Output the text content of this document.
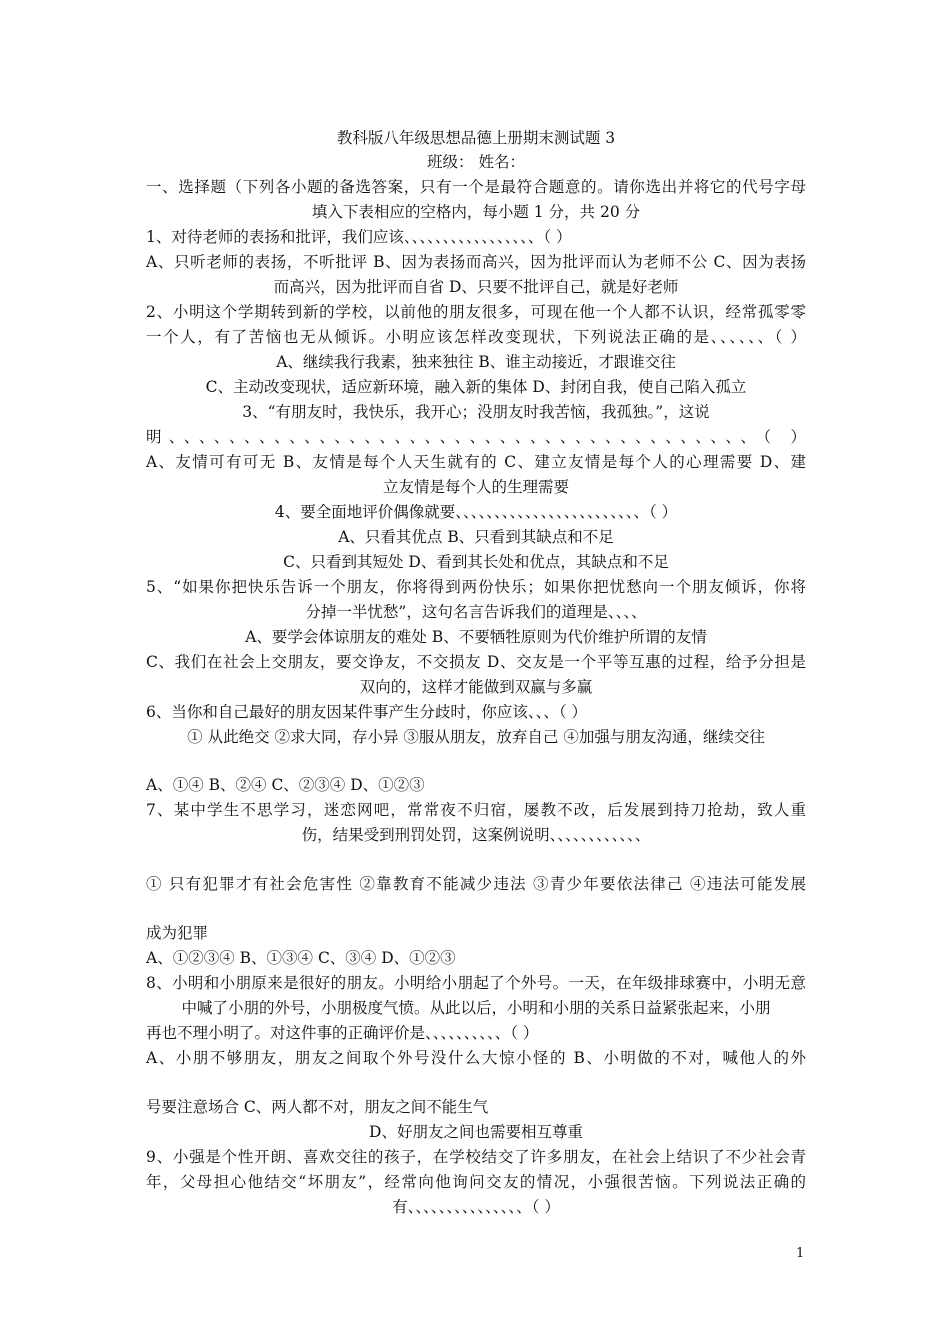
教科版八年级思想品德上册期末测试题 3
班级： 姓名：
一、选择题（下列各小题的备选答案，只有一个是最符合题意的。请你选出并将它的代号字母
填入下表相应的空格内，每小题 1 分，共 20 分
1、对待老师的表扬和批评，我们应该、、、、、、、、、、、、、、、、、（ ）
A、只听老师的表扬，不听批评 B、因为表扬而高兴，因为批评而认为老师不公 C、因为表扬
而高兴，因为批评而自省 D、只要不批评自己，就是好老师
2、小明这个学期转到新的学校，以前他的朋友很多，可现在他一个人都不认识，经常孤零零
一个人，有了苦恼也无从倾诉。小明应该怎样改变现状，下列说法正确的是、、、、、、（ ）
A、继续我行我素，独来独往 B、谁主动接近，才跟谁交往
C、主动改变现状，适应新环境，融入新的集体 D、封闭自我，使自己陷入孤立
3、“有朋友时，我快乐，我开心；没朋友时我苦恼，我孤独。”，这说
明、、、、、、、、、、、、、、、、、、、、、、、、、、、、、、、、、、、、、、、（ ）
A、友情可有可无 B、友情是每个人天生就有的 C、建立友情是每个人的心理需要 D、建
立友情是每个人的生理需要
4、要全面地评价偶像就要、、、、、、、、、、、、、、、、、、、、、、、、（ ）
A、只看其优点 B、只看到其缺点和不足
C、只看到其短处 D、看到其长处和优点，其缺点和不足
5、“如果你把快乐告诉一个朋友，你将得到两份快乐；如果你把忧愁向一个朋友倾诉，你将
分掉一半忧愁”，这句名言告诉我们的道理是、、、、
A、要学会体谅朋友的难处 B、不要牺牲原则为代价维护所谓的友情
C、我们在社会上交朋友，要交诤友，不交损友 D、交友是一个平等互惠的过程，给予分担是
双向的，这样才能做到双赢与多赢
6、当你和自己最好的朋友因某件事产生分歧时，你应该、、、（ ）
① 从此绝交 ②求大同，存小异 ③服从朋友，放弃自己 ④加强与朋友沟通，继续交往
A、①④ B、②④ C、②③④ D、①②③
7、某中学生不思学习，迷恋网吧，常常夜不归宿，屡教不改，后发展到持刀抢劫，致人重
伤，结果受到刑罚处罚，这案例说明、、、、、、、、、、、、
① 只有犯罪才有社会危害性 ②靠教育不能减少违法 ③青少年要依法律己 ④违法可能发展
成为犯罪
A、①②③④ B、①③④ C、③④ D、①②③
8、小明和小朋原来是很好的朋友。小明给小朋起了个外号。一天，在年级排球赛中，小明无意
中喊了小朋的外号，小朋极度气愤。从此以后，小明和小朋的关系日益紧张起来，小朋
再也不理小明了。对这件事的正确评价是、、、、、、、、、、（ ）
A、小朋不够朋友，朋友之间取个外号没什么大惊小怪的 B、小明做的不对，喊他人的外
号要注意场合 C、两人都不对，朋友之间不能生气
D、好朋友之间也需要相互尊重
9、小强是个性开朗、喜欢交往的孩子，在学校结交了许多朋友，在社会上结识了不少社会青
年，父母担心他结交“坏朋友”，经常向他询问交友的情况，小强很苦恼。下列说法正确的
有、、、、、、、、、、、、、、、（ ）
1
